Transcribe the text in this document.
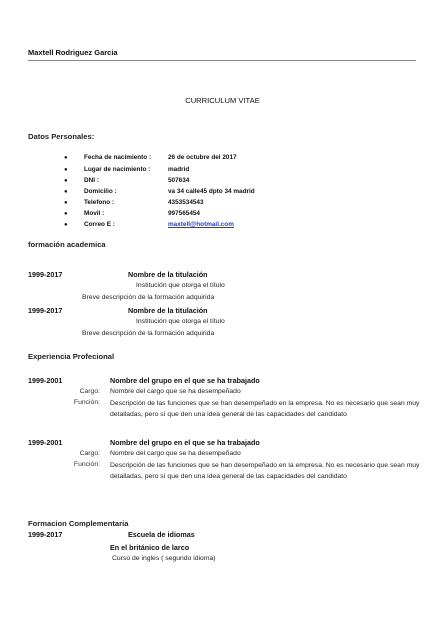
Maxtell Rodriguez Garcia
CURRICULUM VITAE
Datos Personales:
●	Fecha de nacimiento :	26 de octubre del 2017
●	Lugar de nacimiento :	madrid
●	DNI :	507634
●	Domicilio :	va 34 calle45 dpto 34 madrid
●	Telefono :	4353534543
●	Movil :	997565454
●	Correo E :	maxtell@hotmail.com
formación academica
1999-2017	Nombre de la titulación
Institución que otorga el título
Breve descripción de la formación adquirida
1999-2017	Nombre de la titulación
Institución que otorga el título
Breve descripción de la formación adquirida
Experiencia Profecional
1999-2001	Nombre del grupo en el que se ha trabajado
Cargo: Nombre del cargo que se ha desempeñado
Función: Descripción de las funciones que se han desempeñado en la empresa. No es necesario que sean muy detalladas, pero sí que den una idea general de las capacidades del candidato
1999-2001	Nombre del grupo en el que se ha trabajado
Cargo: Nombre del cargo que se ha desempeñado
Función: Descripción de las funciones que se han desempeñado en la empresa. No es necesario que sean muy detalladas, pero sí que den una idea general de las capacidades del candidato
Formacion Complementaria
1999-2017	Escuela de idiomas
En el británico de larco
Curso de ingles ( segundo idioma)
